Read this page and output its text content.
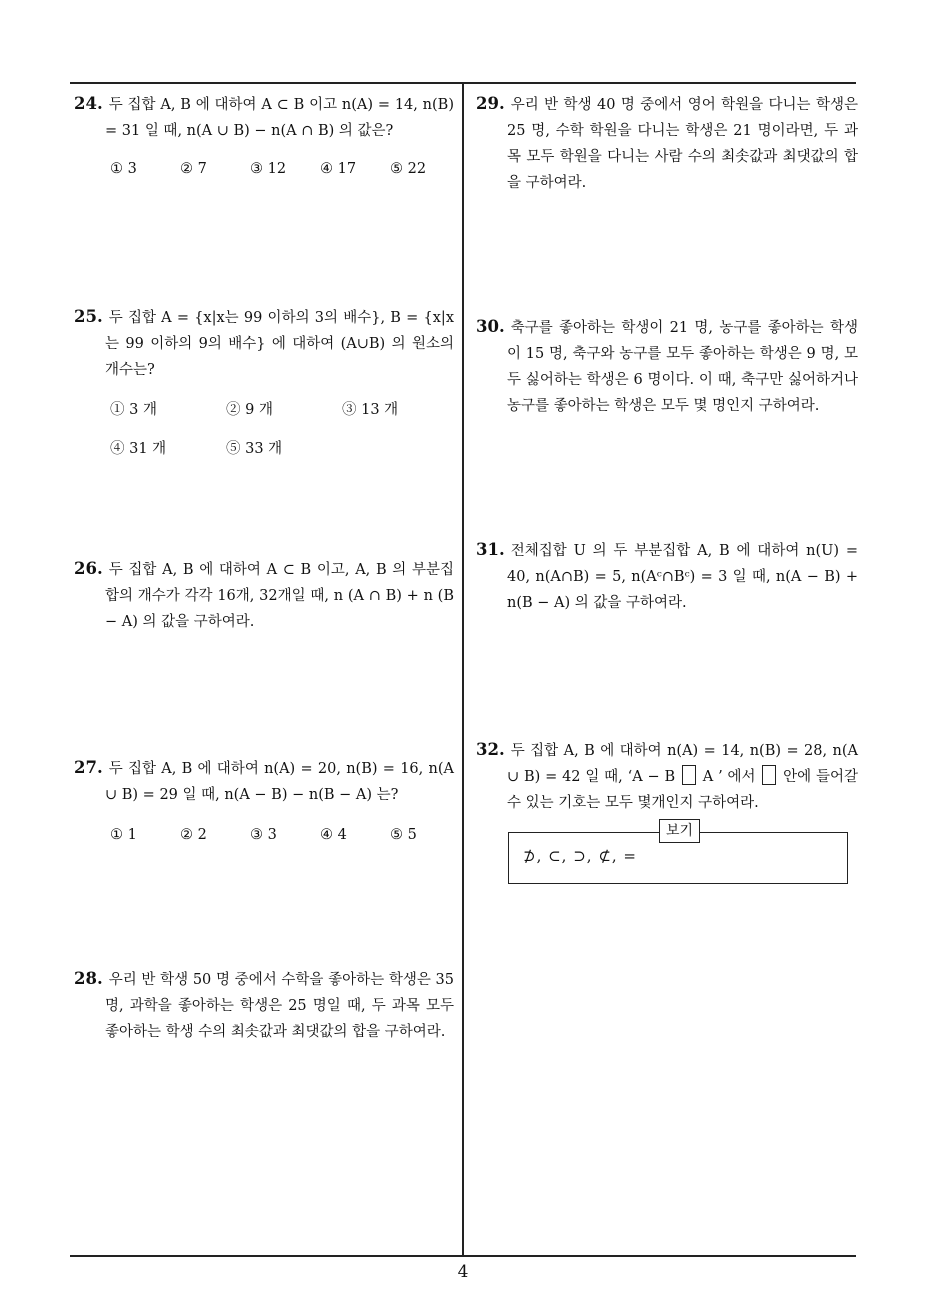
24. 두 집합 A, B 에 대하여 A ⊂ B 이고 n(A) = 14, n(B) = 31 일 때, n(A ∪ B) − n(A ∩ B) 의 값은?
① 3	② 7	③ 12 ④ 17 ⑤ 22
25. 두 집합 A = {x|x는 99 이하의 3의 배수}, B = {x|x는 99 이하의 9의 배수} 에 대하여 (A∪B) 의 원소의 개수는?
① 3 개	② 9 개	③ 13 개
④ 31 개	⑤ 33 개
26. 두 집합 A, B 에 대하여 A ⊂ B 이고, A, B 의 부분집합의 개수가 각각 16개, 32개일 때, n (A ∩ B) + n (B − A) 의 값을 구하여라.
27. 두 집합 A, B 에 대하여 n(A) = 20, n(B) = 16, n(A ∪ B) = 29 일 때, n(A − B) − n(B − A) 는?
① 1	② 2	③ 3	④ 4	⑤ 5
28. 우리 반 학생 50 명 중에서 수학을 좋아하는 학생은 35 명, 과학을 좋아하는 학생은 25 명일 때, 두 과목 모두 좋아하는 학생 수의 최솟값과 최댓값의 합을 구하여라.
29. 우리 반 학생 40 명 중에서 영어 학원을 다니는 학생은 25 명, 수학 학원을 다니는 학생은 21 명이라면, 두 과목 모두 학원을 다니는 사람 수의 최솟값과 최댓값의 합을 구하여라.
30. 축구를 좋아하는 학생이 21 명, 농구를 좋아하는 학생이 15 명, 축구와 농구를 모두 좋아하는 학생은 9 명, 모두 싫어하는 학생은 6 명이다. 이 때, 축구만 싫어하거나 농구를 좋아하는 학생은 모두 몇 명인지 구하여라.
31. 전체집합 U 의 두 부분집합 A, B 에 대하여 n(U) = 40, n(A∩B) = 5, n(Aᶜ∩Bᶜ) = 3 일 때, n(A − B) + n(B − A) 의 값을 구하여라.
32. 두 집합 A, B 에 대하여 n(A) = 14, n(B) = 28, n(A ∪ B) = 42 일 때, ‘A − B A ’ 에서 안에 들어갈 수 있는 기호는 모두 몇개인지 구하여라.
보기
⊅, ⊂, ⊃, ⊄, =
4
